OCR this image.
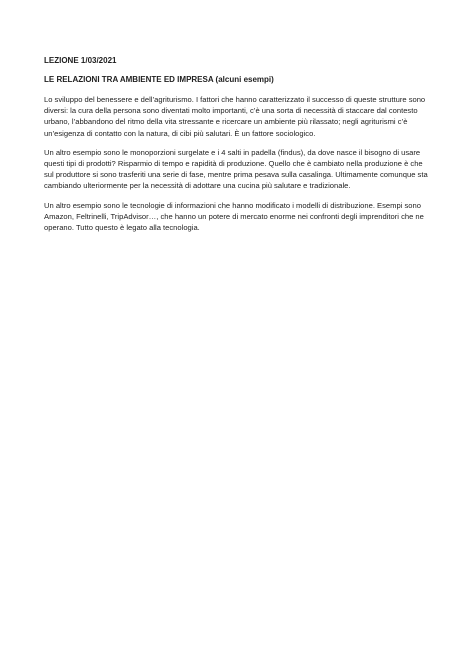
LEZIONE 1/03/2021

LE RELAZIONI TRA AMBIENTE ED IMPRESA (alcuni esempi)

Lo sviluppo del benessere e dell’agriturismo. I fattori che hanno caratterizzato il successo di queste strutture sono diversi: la cura della persona sono diventati molto importanti, c’è una sorta di necessità di staccare dal contesto urbano, l’abbandono del ritmo della vita stressante e ricercare un ambiente più rilassato; negli agriturismi c’è un’esigenza di contatto con la natura, di cibi più salutari. È un fattore sociologico.

Un altro esempio sono le monoporzioni surgelate e i 4 salti in padella (findus), da dove nasce il bisogno di usare questi tipi di prodotti? Risparmio di tempo e rapidità di produzione. Quello che è cambiato nella produzione è che sul produttore si sono trasferiti una serie di fase, mentre prima pesava sulla casalinga. Ultimamente comunque sta cambiando ulteriormente per la necessità di adottare una cucina più salutare e tradizionale.

Un altro esempio sono le tecnologie di informazioni che hanno modificato i modelli di distribuzione. Esempi sono Amazon, Feltrinelli, TripAdvisor…, che hanno un potere di mercato enorme nei confronti degli imprenditori che ne operano. Tutto questo è legato alla tecnologia.
